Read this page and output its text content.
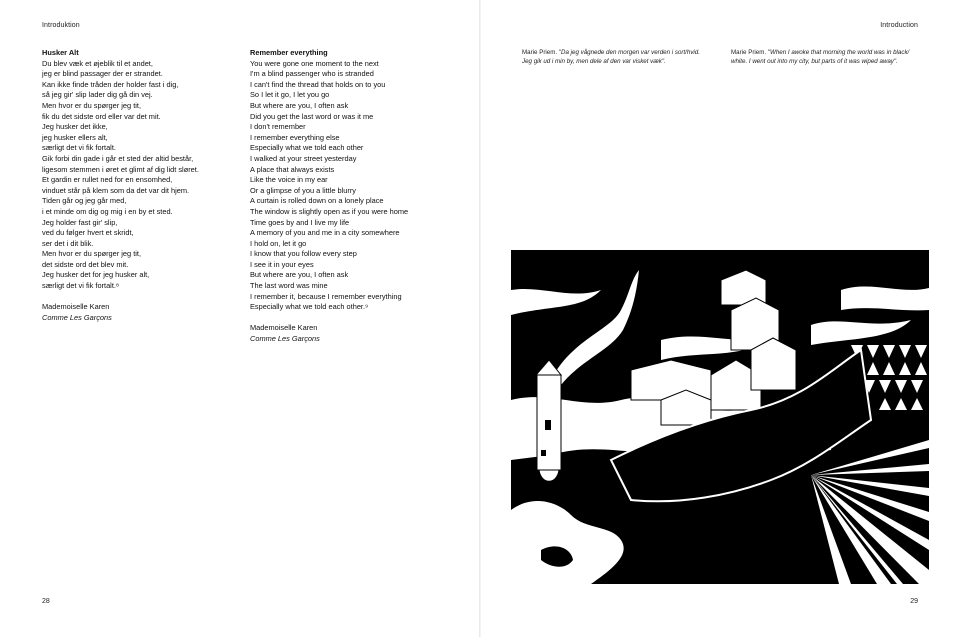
Introduktion
Husker Alt
Du blev væk et øjeblik til et andet,
jeg er blind passager der er strandet.
Kan ikke finde tråden der holder fast i dig,
så jeg gir' slip lader dig gå din vej.
Men hvor er du spørger jeg tit,
fik du det sidste ord eller var det mit.
Jeg husker det ikke,
jeg husker ellers alt,
særligt det vi fik fortalt.
Gik forbi din gade i går et sted der altid består,
ligesom stemmen i øret et glimt af dig lidt sløret.
Et gardin er rullet ned for en ensomhed,
vinduet står på klem som da det var dit hjem.
Tiden går og jeg går med,
i et minde om dig og mig i en by et sted.
Jeg holder fast gir' slip,
ved du følger hvert et skridt,
ser det i dit blik.
Men hvor er du spørger jeg tit,
det sidste ord det blev mit.
Jeg husker det for jeg husker alt,
særligt det vi fik fortalt.⁸
Mademoiselle Karen
Comme Les Garçons
Remember everything
You were gone one moment to the next
I'm a blind passenger who is stranded
I can't find the thread that holds on to you
So I let it go, I let you go
But where are you, I often ask
Did you get the last word or was it me
I don't remember
I remember everything else
Especially what we told each other
I walked at your street yesterday
A place that always exists
Like the voice in my ear
Or a glimpse of you a little blurry
A curtain is rolled down on a lonely place
The window is slightly open as if you were home
Time goes by and I live my life
A memory of you and me in a city somewhere
I hold on, let it go
I know that you follow every step
I see it in your eyes
But where are you, I often ask
The last word was mine
I remember it, because I remember everything
Especially what we told each other.⁹
Mademoiselle Karen
Comme Les Garçons
28
Introduction
Marie Priem. "Da jeg vågnede den morgen var verden i sort/hvid.
Jeg gik ud i min by, men dele af den var visket væk".
Marie Priem. "When I awoke that morning the world was in black/
white. I went out into my city, but parts of it was wiped away".
29
